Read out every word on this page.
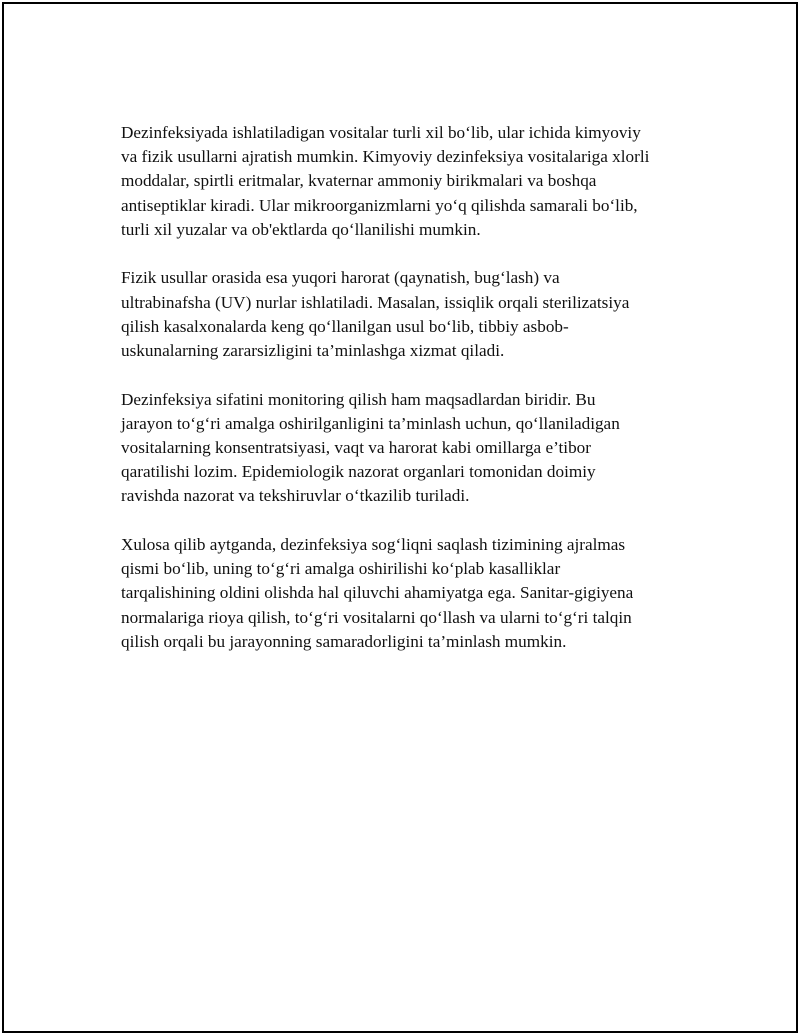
Dezinfeksiyada ishlatiladigan vositalar turli xil bo‘lib, ular ichida kimyoviy
va fizik usullarni ajratish mumkin. Kimyoviy dezinfeksiya vositalariga xlorli
moddalar, spirtli eritmalar, kvaternar ammoniy birikmalari va boshqa
antiseptiklar kiradi. Ular mikroorganizmlarni yo‘q qilishda samarali bo‘lib,
turli xil yuzalar va ob'ektlarda qo‘llanilishi mumkin.

Fizik usullar orasida esa yuqori harorat (qaynatish, bug‘lash) va
ultrabinafsha (UV) nurlar ishlatiladi. Masalan, issiqlik orqali sterilizatsiya
qilish kasalxonalarda keng qo‘llanilgan usul bo‘lib, tibbiy asbob-
uskunalarning zararsizligini ta’minlashga xizmat qiladi.

Dezinfeksiya sifatini monitoring qilish ham maqsadlardan biridir. Bu
jarayon to‘g‘ri amalga oshirilganligini ta’minlash uchun, qo‘llaniladigan
vositalarning konsentratsiyasi, vaqt va harorat kabi omillarga e’tibor
qaratilishi lozim. Epidemiologik nazorat organlari tomonidan doimiy
ravishda nazorat va tekshiruvlar o‘tkazilib turiladi.

Xulosa qilib aytganda, dezinfeksiya sog‘liqni saqlash tizimining ajralmas
qismi bo‘lib, uning to‘g‘ri amalga oshirilishi ko‘plab kasalliklar
tarqalishining oldini olishda hal qiluvchi ahamiyatga ega. Sanitar-gigiyena
normalariga rioya qilish, to‘g‘ri vositalarni qo‘llash va ularni to‘g‘ri talqin
qilish orqali bu jarayonning samaradorligini ta’minlash mumkin.
